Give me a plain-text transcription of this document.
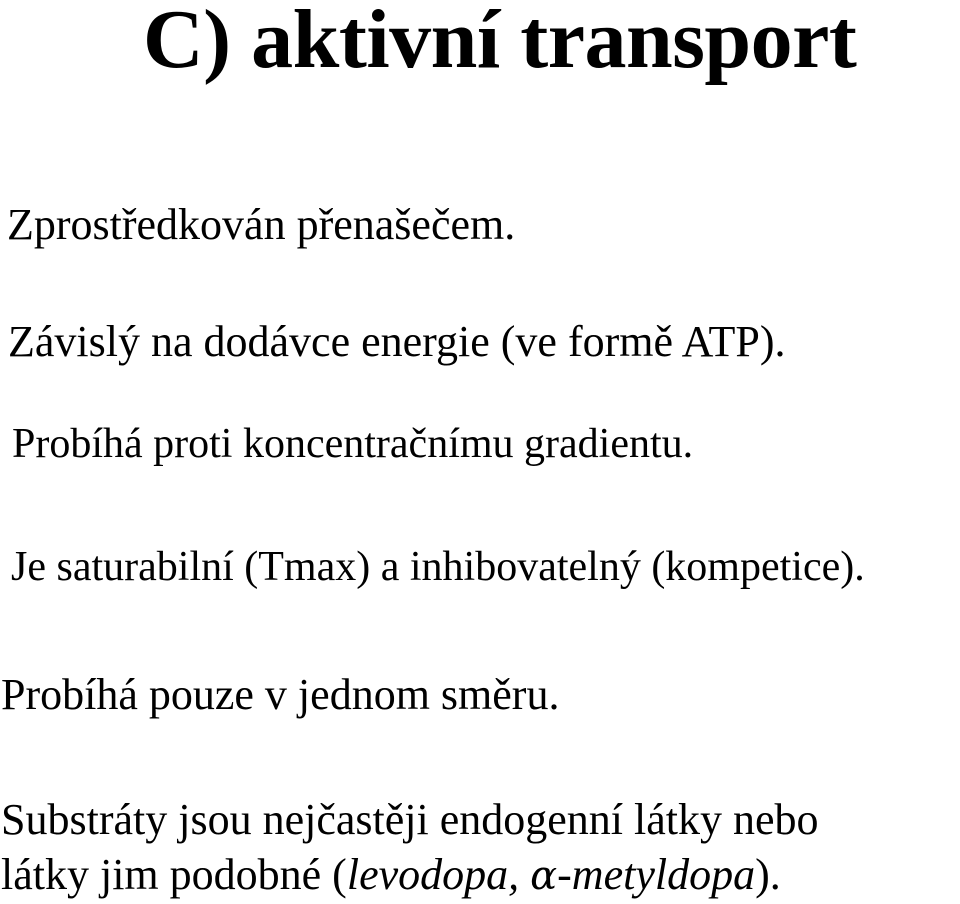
C) aktivní transport

Zprostředkován přenašečem.

Závislý na dodávce energie (ve formě ATP).

Probíhá proti koncentračnímu gradientu.

Je saturabilní (Tmax) a inhibovatelný (kompetice).

Probíhá pouze v jednom směru.

Substráty jsou nejčastěji endogenní látky nebo

látky jim podobné (levodopa, α-metyldopa).
